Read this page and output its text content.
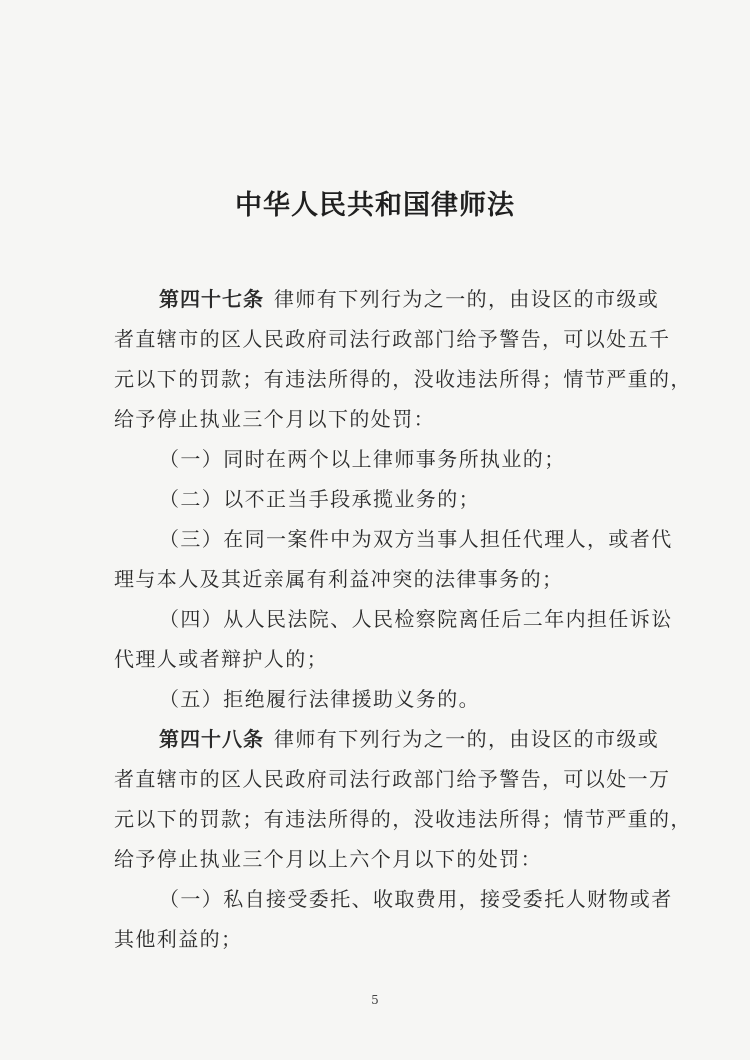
中华人民共和国律师法
第四十七条 律师有下列行为之一的，由设区的市级或
者直辖市的区人民政府司法行政部门给予警告，可以处五千
元以下的罚款；有违法所得的，没收违法所得；情节严重的，
给予停止执业三个月以下的处罚：
（一）同时在两个以上律师事务所执业的；
（二）以不正当手段承揽业务的；
（三）在同一案件中为双方当事人担任代理人，或者代
理与本人及其近亲属有利益冲突的法律事务的；
（四）从人民法院、人民检察院离任后二年内担任诉讼
代理人或者辩护人的；
（五）拒绝履行法律援助义务的。
第四十八条 律师有下列行为之一的，由设区的市级或
者直辖市的区人民政府司法行政部门给予警告，可以处一万
元以下的罚款；有违法所得的，没收违法所得；情节严重的，
给予停止执业三个月以上六个月以下的处罚：
（一）私自接受委托、收取费用，接受委托人财物或者
其他利益的；
5
